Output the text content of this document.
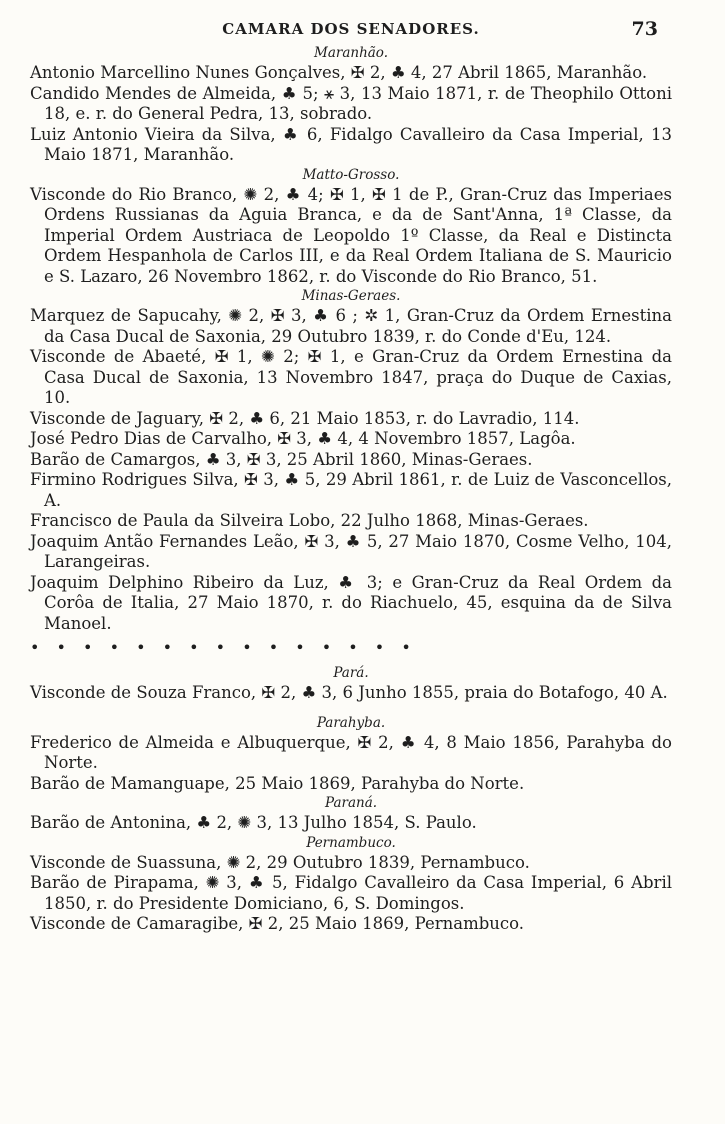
CAMARA DOS SENADORES.	73
Maranhão.

Antonio Marcellino Nunes Gonçalves, ✠ 2, ♣ 4, 27 Abril 1865, Maranhão.

Candido Mendes de Almeida, ♣ 5; ⚹ 3, 13 Maio 1871, r. de Theophilo Ottoni 18, e. r. do General Pedra, 13, sobrado.

Luiz Antonio Vieira da Silva, ♣ 6, Fidalgo Cavalleiro da Casa Imperial, 13 Maio 1871, Maranhão.

Matto-Grosso.

Visconde do Rio Branco, ✺ 2, ♣ 4; ✠ 1, ✠ 1 de P., Gran-Cruz das Imperiaes Ordens Russianas da Aguia Branca, e da de Sant'Anna, 1ª Classe, da Imperial Ordem Austriaca de Leopoldo 1º Classe, da Real e Distincta Ordem Hespanhola de Carlos III, e da Real Ordem Italiana de S. Mauricio e S. Lazaro, 26 Novembro 1862, r. do Visconde do Rio Branco, 51.

Minas-Geraes.

Marquez de Sapucahy, ✺ 2, ✠ 3, ♣ 6 ; ✲ 1, Gran-Cruz da Ordem Ernestina da Casa Ducal de Saxonia, 29 Outubro 1839, r. do Conde d'Eu, 124.

Visconde de Abaeté, ✠ 1, ✺ 2; ✠ 1, e Gran-Cruz da Ordem Ernestina da Casa Ducal de Saxonia, 13 Novembro 1847, praça do Duque de Caxias, 10.

Visconde de Jaguary, ✠ 2, ♣ 6, 21 Maio 1853, r. do Lavradio, 114.

José Pedro Dias de Carvalho, ✠ 3, ♣ 4, 4 Novembro 1857, Lagôa.

Barão de Camargos, ♣ 3, ✠ 3, 25 Abril 1860, Minas-Geraes.

Firmino Rodrigues Silva, ✠ 3, ♣ 5, 29 Abril 1861, r. de Luiz de Vasconcellos, A.

Francisco de Paula da Silveira Lobo, 22 Julho 1868, Minas-Geraes.

Joaquim Antão Fernandes Leão, ✠ 3, ♣ 5, 27 Maio 1870, Cosme Velho, 104, Larangeiras.

Joaquim Delphino Ribeiro da Luz, ♣ 3; e Gran-Cruz da Real Ordem da Corôa de Italia, 27 Maio 1870, r. do Riachuelo, 45, esquina da de Silva Manoel.

• • • • • • • • • • • • • • •
Pará.

Visconde de Souza Franco, ✠ 2, ♣ 3, 6 Junho 1855, praia do Botafogo, 40 A.

Parahyba.

Frederico de Almeida e Albuquerque, ✠ 2, ♣ 4, 8 Maio 1856, Parahyba do Norte.

Barão de Mamanguape, 25 Maio 1869, Parahyba do Norte.

Paraná.

Barão de Antonina, ♣ 2, ✺ 3, 13 Julho 1854, S. Paulo.

Pernambuco.

Visconde de Suassuna, ✺ 2, 29 Outubro 1839, Pernambuco.

Barão de Pirapama, ✺ 3, ♣ 5, Fidalgo Cavalleiro da Casa Imperial, 6 Abril 1850, r. do Presidente Domiciano, 6, S. Domingos.

Visconde de Camaragibe, ✠ 2, 25 Maio 1869, Pernambuco.
